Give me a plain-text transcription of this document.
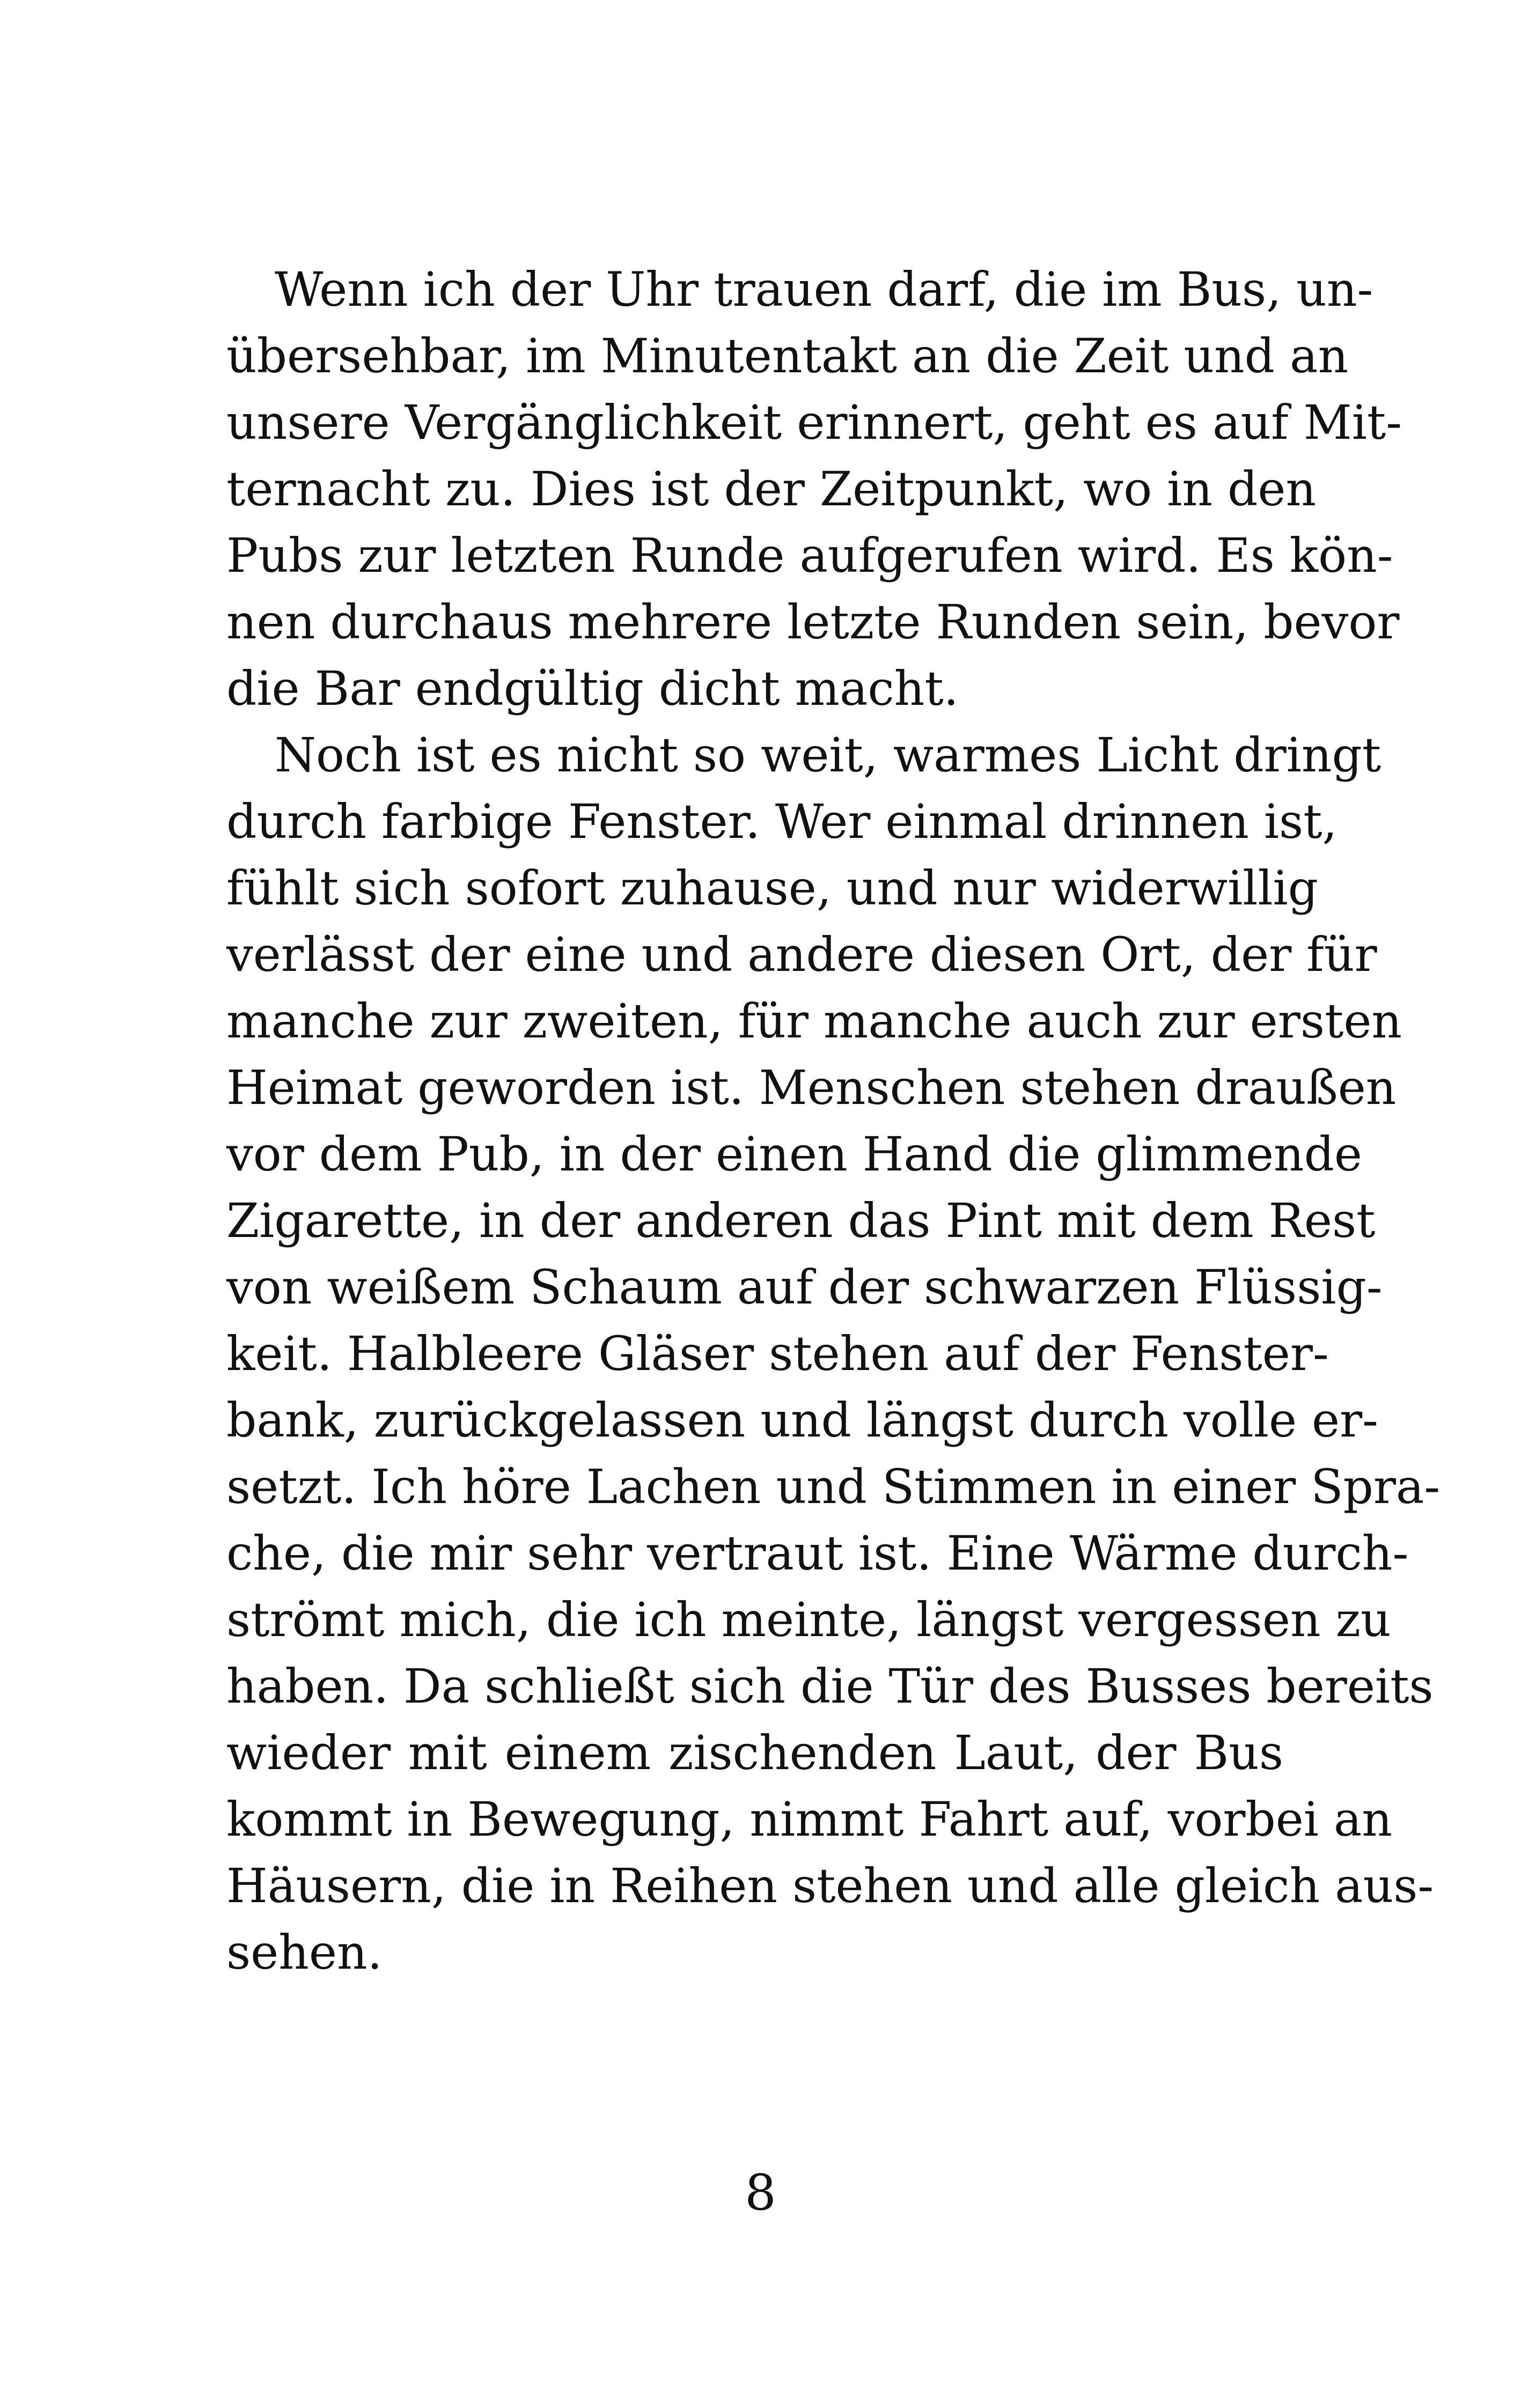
Wenn ich der Uhr trauen darf, die im Bus, un-
übersehbar, im Minutentakt an die Zeit und an
unsere Vergänglichkeit erinnert, geht es auf Mit-
ternacht zu. Dies ist der Zeitpunkt, wo in den
Pubs zur letzten Runde aufgerufen wird. Es kön-
nen durchaus mehrere letzte Runden sein, bevor
die Bar endgültig dicht macht.
Noch ist es nicht so weit, warmes Licht dringt
durch farbige Fenster. Wer einmal drinnen ist,
fühlt sich sofort zuhause, und nur widerwillig
verlässt der eine und andere diesen Ort, der für
manche zur zweiten, für manche auch zur ersten
Heimat geworden ist. Menschen stehen draußen
vor dem Pub, in der einen Hand die glimmende
Zigarette, in der anderen das Pint mit dem Rest
von weißem Schaum auf der schwarzen Flüssig-
keit. Halbleere Gläser stehen auf der Fenster-
bank, zurückgelassen und längst durch volle er-
setzt. Ich höre Lachen und Stimmen in einer Spra-
che, die mir sehr vertraut ist. Eine Wärme durch-
strömt mich, die ich meinte, längst vergessen zu
haben. Da schließt sich die Tür des Busses bereits
wieder mit einem zischenden Laut, der Bus
kommt in Bewegung, nimmt Fahrt auf, vorbei an
Häusern, die in Reihen stehen und alle gleich aus-
sehen.
8
